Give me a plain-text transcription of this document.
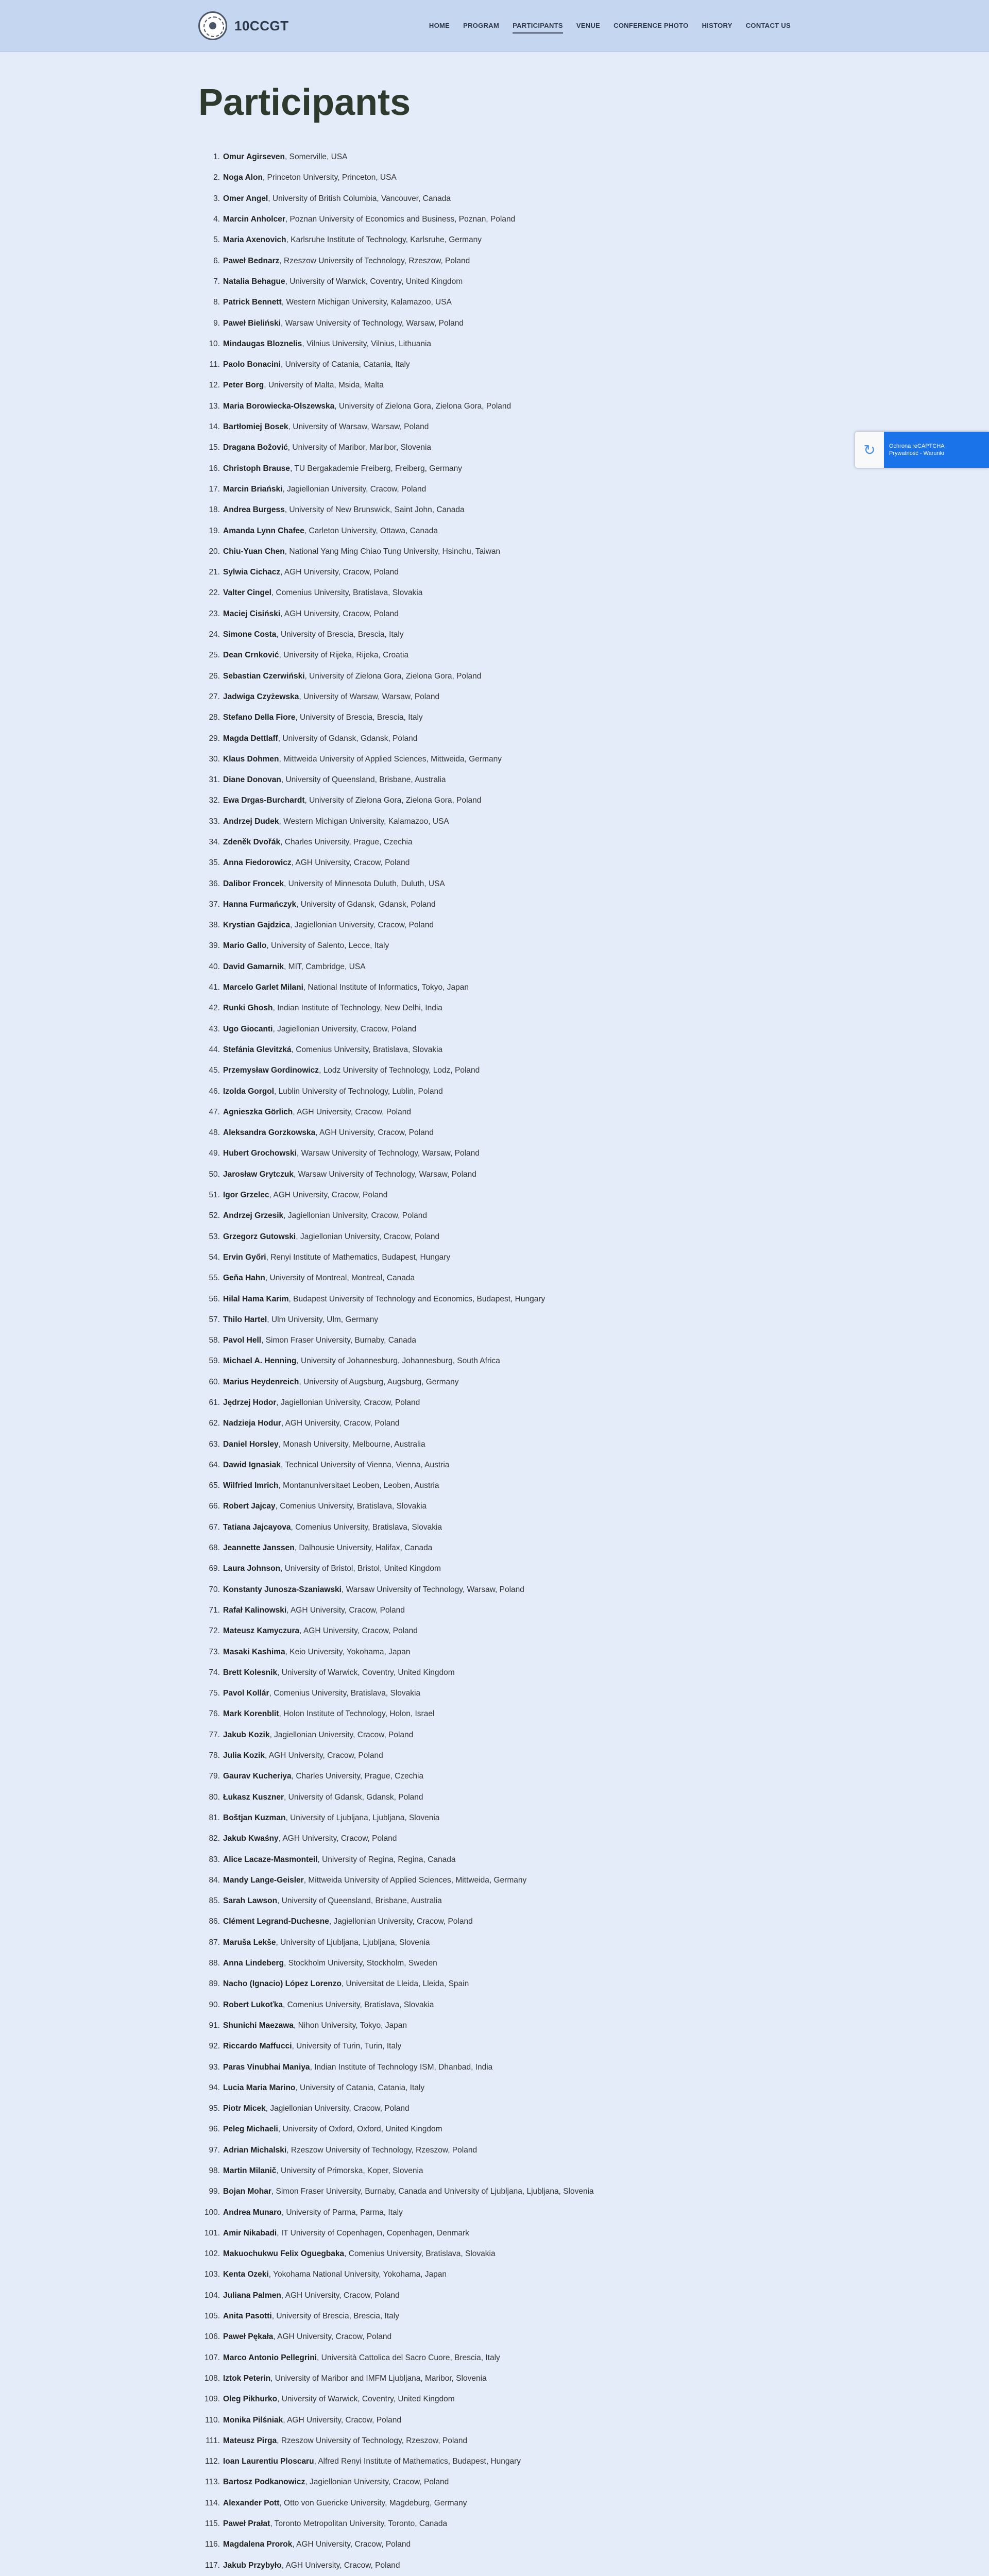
10CCGT	HOME PROGRAM PARTICIPANTS VENUE CONFERENCE PHOTO HISTORY CONTACT US
Participants
1. Omur Agirseven, Somerville, USA
2. Noga Alon, Princeton University, Princeton, USA
3. Omer Angel, University of British Columbia, Vancouver, Canada
4. Marcin Anholcer, Poznan University of Economics and Business, Poznan, Poland
5. Maria Axenovich, Karlsruhe Institute of Technology, Karlsruhe, Germany
6. Paweł Bednarz, Rzeszow University of Technology, Rzeszow, Poland
7. Natalia Behague, University of Warwick, Coventry, United Kingdom
8. Patrick Bennett, Western Michigan University, Kalamazoo, USA
9. Paweł Bieliński, Warsaw University of Technology, Warsaw, Poland
10. Mindaugas Bloznelis, Vilnius University, Vilnius, Lithuania
11. Paolo Bonacini, University of Catania, Catania, Italy
12. Peter Borg, University of Malta, Msida, Malta
13. Maria Borowiecka-Olszewska, University of Zielona Gora, Zielona Gora, Poland
14. Bartłomiej Bosek, University of Warsaw, Warsaw, Poland
15. Dragana Božović, University of Maribor, Maribor, Slovenia
16. Christoph Brause, TU Bergakademie Freiberg, Freiberg, Germany
17. Marcin Briański, Jagiellonian University, Cracow, Poland
18. Andrea Burgess, University of New Brunswick, Saint John, Canada
19. Amanda Lynn Chafee, Carleton University, Ottawa, Canada
20. Chiu-Yuan Chen, National Yang Ming Chiao Tung University, Hsinchu, Taiwan
21. Sylwia Cichacz, AGH University, Cracow, Poland
22. Valter Cingel, Comenius University, Bratislava, Slovakia
23. Maciej Cisiński, AGH University, Cracow, Poland
24. Simone Costa, University of Brescia, Brescia, Italy
25. Dean Crnković, University of Rijeka, Rijeka, Croatia
26. Sebastian Czerwiński, University of Zielona Gora, Zielona Gora, Poland
27. Jadwiga Czyżewska, University of Warsaw, Warsaw, Poland
28. Stefano Della Fiore, University of Brescia, Brescia, Italy
29. Magda Dettlaff, University of Gdansk, Gdansk, Poland
30. Klaus Dohmen, Mittweida University of Applied Sciences, Mittweida, Germany
31. Diane Donovan, University of Queensland, Brisbane, Australia
32. Ewa Drgas-Burchardt, University of Zielona Gora, Zielona Gora, Poland
33. Andrzej Dudek, Western Michigan University, Kalamazoo, USA
34. Zdeněk Dvořák, Charles University, Prague, Czechia
35. Anna Fiedorowicz, AGH University, Cracow, Poland
36. Dalibor Froncek, University of Minnesota Duluth, Duluth, USA
37. Hanna Furmańczyk, University of Gdansk, Gdansk, Poland
38. Krystian Gajdzica, Jagiellonian University, Cracow, Poland
39. Mario Gallo, University of Salento, Lecce, Italy
40. David Gamarnik, MIT, Cambridge, USA
41. Marcelo Garlet Milani, National Institute of Informatics, Tokyo, Japan
42. Runki Ghosh, Indian Institute of Technology, New Delhi, India
43. Ugo Giocanti, Jagiellonian University, Cracow, Poland
44. Stefánia Glevitzká, Comenius University, Bratislava, Slovakia
45. Przemysław Gordinowicz, Lodz University of Technology, Lodz, Poland
46. Izolda Gorgol, Lublin University of Technology, Lublin, Poland
47. Agnieszka Görlich, AGH University, Cracow, Poland
48. Aleksandra Gorzkowska, AGH University, Cracow, Poland
49. Hubert Grochowski, Warsaw University of Technology, Warsaw, Poland
50. Jarosław Grytczuk, Warsaw University of Technology, Warsaw, Poland
51. Igor Grzelec, AGH University, Cracow, Poland
52. Andrzej Grzesik, Jagiellonian University, Cracow, Poland
53. Grzegorz Gutowski, Jagiellonian University, Cracow, Poland
54. Ervin Győri, Renyi Institute of Mathematics, Budapest, Hungary
55. Geňa Hahn, University of Montreal, Montreal, Canada
56. Hilal Hama Karim, Budapest University of Technology and Economics, Budapest, Hungary
57. Thilo Hartel, Ulm University, Ulm, Germany
58. Pavol Hell, Simon Fraser University, Burnaby, Canada
59. Michael A. Henning, University of Johannesburg, Johannesburg, South Africa
60. Marius Heydenreich, University of Augsburg, Augsburg, Germany
61. Jędrzej Hodor, Jagiellonian University, Cracow, Poland
62. Nadzieja Hodur, AGH University, Cracow, Poland
63. Daniel Horsley, Monash University, Melbourne, Australia
64. Dawid Ignasiak, Technical University of Vienna, Vienna, Austria
65. Wilfried Imrich, Montanuniversitaet Leoben, Leoben, Austria
66. Robert Jajcay, Comenius University, Bratislava, Slovakia
67. Tatiana Jajcayova, Comenius University, Bratislava, Slovakia
68. Jeannette Janssen, Dalhousie University, Halifax, Canada
69. Laura Johnson, University of Bristol, Bristol, United Kingdom
70. Konstanty Junosza-Szaniawski, Warsaw University of Technology, Warsaw, Poland
71. Rafał Kalinowski, AGH University, Cracow, Poland
72. Mateusz Kamyczura, AGH University, Cracow, Poland
73. Masaki Kashima, Keio University, Yokohama, Japan
74. Brett Kolesnik, University of Warwick, Coventry, United Kingdom
75. Pavol Kollár, Comenius University, Bratislava, Slovakia
76. Mark Korenblit, Holon Institute of Technology, Holon, Israel
77. Jakub Kozik, Jagiellonian University, Cracow, Poland
78. Julia Kozik, AGH University, Cracow, Poland
79. Gaurav Kucheriya, Charles University, Prague, Czechia
80. Łukasz Kuszner, University of Gdansk, Gdansk, Poland
81. Boštjan Kuzman, University of Ljubljana, Ljubljana, Slovenia
82. Jakub Kwaśny, AGH University, Cracow, Poland
83. Alice Lacaze-Masmonteil, University of Regina, Regina, Canada
84. Mandy Lange-Geisler, Mittweida University of Applied Sciences, Mittweida, Germany
85. Sarah Lawson, University of Queensland, Brisbane, Australia
86. Clément Legrand-Duchesne, Jagiellonian University, Cracow, Poland
87. Marušа Lekše, University of Ljubljana, Ljubljana, Slovenia
88. Anna Lindeberg, Stockholm University, Stockholm, Sweden
89. Nacho (Ignacio) López Lorenzo, Universitat de Lleida, Lleida, Spain
90. Robert Lukoťka, Comenius University, Bratislava, Slovakia
91. Shunichi Maezawa, Nihon University, Tokyo, Japan
92. Riccardo Maffucci, University of Turin, Turin, Italy
93. Paras Vinubhai Maniya, Indian Institute of Technology ISM, Dhanbad, India
94. Lucia Maria Marino, University of Catania, Catania, Italy
95. Piotr Micek, Jagiellonian University, Cracow, Poland
96. Peleg Michaeli, University of Oxford, Oxford, United Kingdom
97. Adrian Michalski, Rzeszow University of Technology, Rzeszow, Poland
98. Martin Milanič, University of Primorska, Koper, Slovenia
99. Bojan Mohar, Simon Fraser University, Burnaby, Canada and University of Ljubljana, Ljubljana, Slovenia
100. Andrea Munaro, University of Parma, Parma, Italy
101. Amir Nikabadi, IT University of Copenhagen, Copenhagen, Denmark
102. Makuochukwu Felix Oguegbaka, Comenius University, Bratislava, Slovakia
103. Kenta Ozeki, Yokohama National University, Yokohama, Japan
104. Juliana Palmen, AGH University, Cracow, Poland
105. Anita Pasotti, University of Brescia, Brescia, Italy
106. Paweł Pękała, AGH University, Cracow, Poland
107. Marco Antonio Pellegrini, Università Cattolica del Sacro Cuore, Brescia, Italy
108. Iztok Peterin, University of Maribor and IMFM Ljubljana, Maribor, Slovenia
109. Oleg Pikhurko, University of Warwick, Coventry, United Kingdom
110. Monika Pilśniak, AGH University, Cracow, Poland
111. Mateusz Pirga, Rzeszow University of Technology, Rzeszow, Poland
112. Ioan Laurentiu Ploscaru, Alfred Renyi Institute of Mathematics, Budapest, Hungary
113. Bartosz Podkanowicz, Jagiellonian University, Cracow, Poland
114. Alexander Pott, Otto von Guericke University, Magdeburg, Germany
115. Paweł Prałat, Toronto Metropolitan University, Toronto, Canada
116. Magdalena Prorok, AGH University, Cracow, Poland
117. Jakub Przybyło, AGH University, Cracow, Poland
↻	Ochrona reCAPTCHA
Prywatność - Warunki
